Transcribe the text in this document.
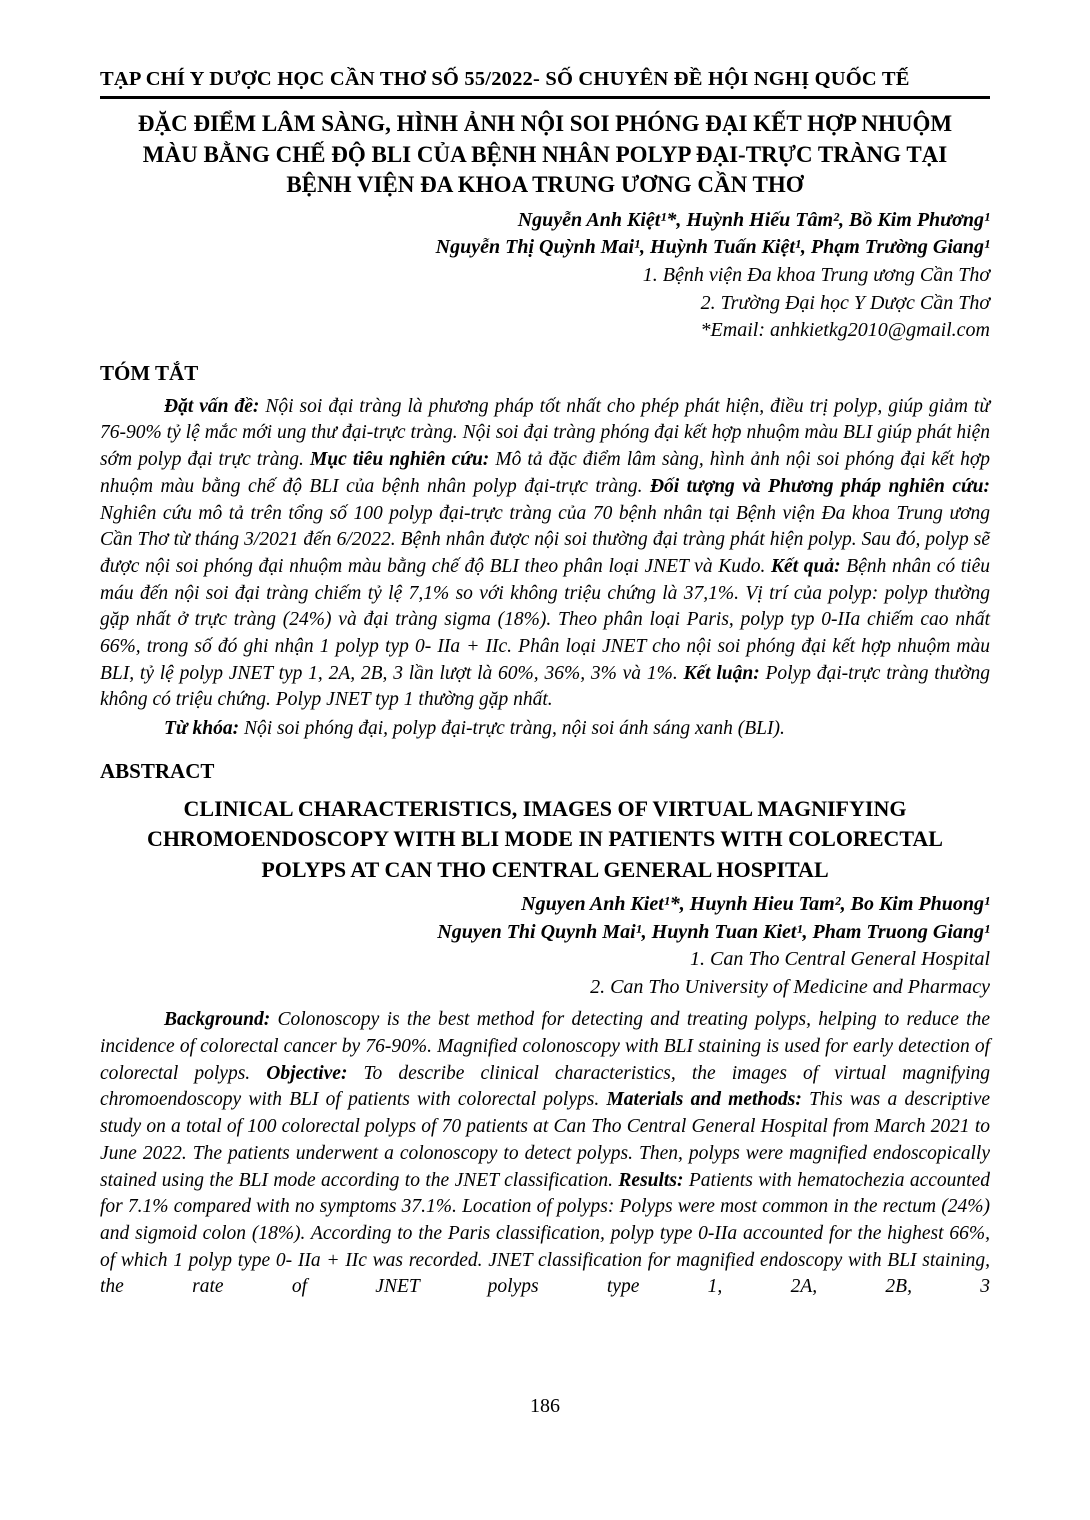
TẠP CHÍ Y DƯỢC HỌC CẦN THƠ SỐ 55/2022- SỐ CHUYÊN ĐỀ HỘI NGHỊ QUỐC TẾ
ĐẶC ĐIỂM LÂM SÀNG, HÌNH ẢNH NỘI SOI PHÓNG ĐẠI KẾT HỢP NHUỘM MÀU BẰNG CHẾ ĐỘ BLI CỦA BỆNH NHÂN POLYP ĐẠI-TRỰC TRÀNG TẠI BỆNH VIỆN ĐA KHOA TRUNG ƯƠNG CẦN THƠ
Nguyễn Anh Kiệt¹*, Huỳnh Hiếu Tâm², Bồ Kim Phương¹
Nguyễn Thị Quỳnh Mai¹, Huỳnh Tuấn Kiệt¹, Phạm Trường Giang¹
1. Bệnh viện Đa khoa Trung ương Cần Thơ
2. Trường Đại học Y Dược Cần Thơ
*Email: anhkietkg2010@gmail.com
TÓM TẮT

Đặt vấn đề: Nội soi đại tràng là phương pháp tốt nhất cho phép phát hiện, điều trị polyp, giúp giảm từ 76-90% tỷ lệ mắc mới ung thư đại-trực tràng. Nội soi đại tràng phóng đại kết hợp nhuộm màu BLI giúp phát hiện sớm polyp đại trực tràng. Mục tiêu nghiên cứu: Mô tả đặc điểm lâm sàng, hình ảnh nội soi phóng đại kết hợp nhuộm màu bằng chế độ BLI của bệnh nhân polyp đại-trực tràng. Đối tượng và Phương pháp nghiên cứu: Nghiên cứu mô tả trên tổng số 100 polyp đại-trực tràng của 70 bệnh nhân tại Bệnh viện Đa khoa Trung ương Cần Thơ từ tháng 3/2021 đến 6/2022. Bệnh nhân được nội soi thường đại tràng phát hiện polyp. Sau đó, polyp sẽ được nội soi phóng đại nhuộm màu bằng chế độ BLI theo phân loại JNET và Kudo. Kết quả: Bệnh nhân có tiêu máu đến nội soi đại tràng chiếm tỷ lệ 7,1% so với không triệu chứng là 37,1%. Vị trí của polyp: polyp thường gặp nhất ở trực tràng (24%) và đại tràng sigma (18%). Theo phân loại Paris, polyp typ 0-IIa chiếm cao nhất 66%, trong số đó ghi nhận 1 polyp typ 0- IIa + IIc. Phân loại JNET cho nội soi phóng đại kết hợp nhuộm màu BLI, tỷ lệ polyp JNET typ 1, 2A, 2B, 3 lần lượt là 60%, 36%, 3% và 1%. Kết luận: Polyp đại-trực tràng thường không có triệu chứng. Polyp JNET typ 1 thường gặp nhất.

Từ khóa: Nội soi phóng đại, polyp đại-trực tràng, nội soi ánh sáng xanh (BLI).

ABSTRACT
CLINICAL CHARACTERISTICS, IMAGES OF VIRTUAL MAGNIFYING CHROMOENDOSCOPY WITH BLI MODE IN PATIENTS WITH COLORECTAL POLYPS AT CAN THO CENTRAL GENERAL HOSPITAL
Nguyen Anh Kiet¹*, Huynh Hieu Tam², Bo Kim Phuong¹
Nguyen Thi Quynh Mai¹, Huynh Tuan Kiet¹, Pham Truong Giang¹
1. Can Tho Central General Hospital
2. Can Tho University of Medicine and Pharmacy

Background: Colonoscopy is the best method for detecting and treating polyps, helping to reduce the incidence of colorectal cancer by 76-90%. Magnified colonoscopy with BLI staining is used for early detection of colorectal polyps. Objective: To describe clinical characteristics, the images of virtual magnifying chromoendoscopy with BLI of patients with colorectal polyps. Materials and methods: This was a descriptive study on a total of 100 colorectal polyps of 70 patients at Can Tho Central General Hospital from March 2021 to June 2022. The patients underwent a colonoscopy to detect polyps. Then, polyps were magnified endoscopically stained using the BLI mode according to the JNET classification. Results: Patients with hematochezia accounted for 7.1% compared with no symptoms 37.1%. Location of polyps: Polyps were most common in the rectum (24%) and sigmoid colon (18%). According to the Paris classification, polyp type 0-IIa accounted for the highest 66%, of which 1 polyp type 0- IIa + IIc was recorded. JNET classification for magnified endoscopy with BLI staining, the rate of JNET polyps type 1, 2A, 2B, 3

186
